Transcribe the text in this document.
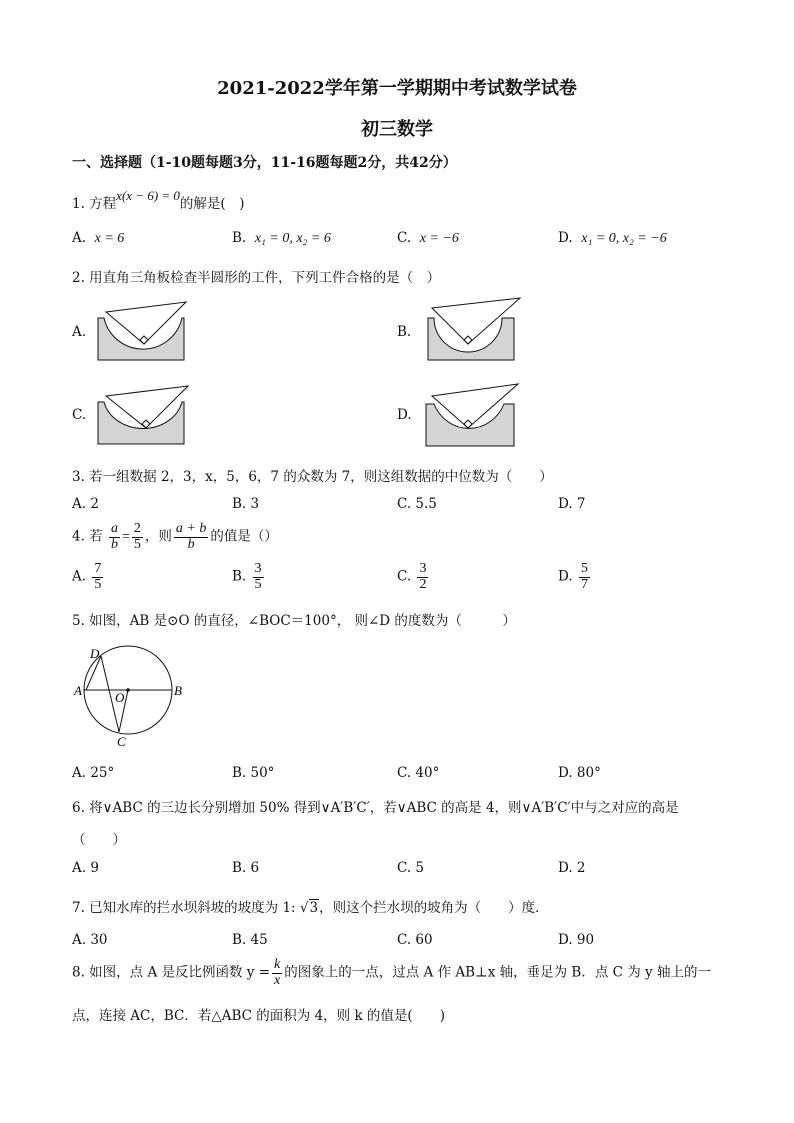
2021-2022学年第一学期期中考试数学试卷
初三数学
一、选择题（1-10题每题3分，11-16题每题2分，共42分）
1. 方程x(x − 6) = 0的解是(　)
A. x = 6	B. x₁ = 0, x₂ = 6	C. x = −6	D. x₁ = 0, x₂ = −6
2. 用直角三角板检查半圆形的工件，下列工件合格的是（　）
A.	B.
C.	D.
3. 若一组数据 2，3，x，5，6，7 的众数为 7，则这组数据的中位数为（　　）
A. 2	B. 3	C. 5.5	D. 7
4. 若 $\frac{a}{b} = \frac{2}{5}$ ，则 $\frac{a + b}{b}$ 的值是（）
A. $\frac{7}{5}$	B. $\frac{3}{5}$	C. $\frac{3}{2}$	D. $\frac{5}{7}$
5. 如图，AB 是⊙O 的直径，∠BOC＝100°， 则∠D 的度数为（　　　）
D
A	O	B
C
A. 25°	B. 50°	C. 40°	D. 80°
6. 将∨ABC 的三边长分别增加 50% 得到∨A′B′C′，若∨ABC 的高是 4，则∨A′B′C′中与之对应的高是
（　　）
A. 9	B. 6	C. 5	D. 2
7. 已知水库的拦水坝斜坡的坡度为 1: √3，则这个拦水坝的坡角为（　　）度．
A. 30	B. 45	C. 60	D. 90
8. 如图，点 A 是反比例函数 $y = \frac{k}{x}$ 的图象上的一点，过点 A 作 AB⊥x 轴，垂足为 B．点 C 为 y 轴上的一
点，连接 AC，BC．若△ABC 的面积为 4，则 k 的值是(　　)
